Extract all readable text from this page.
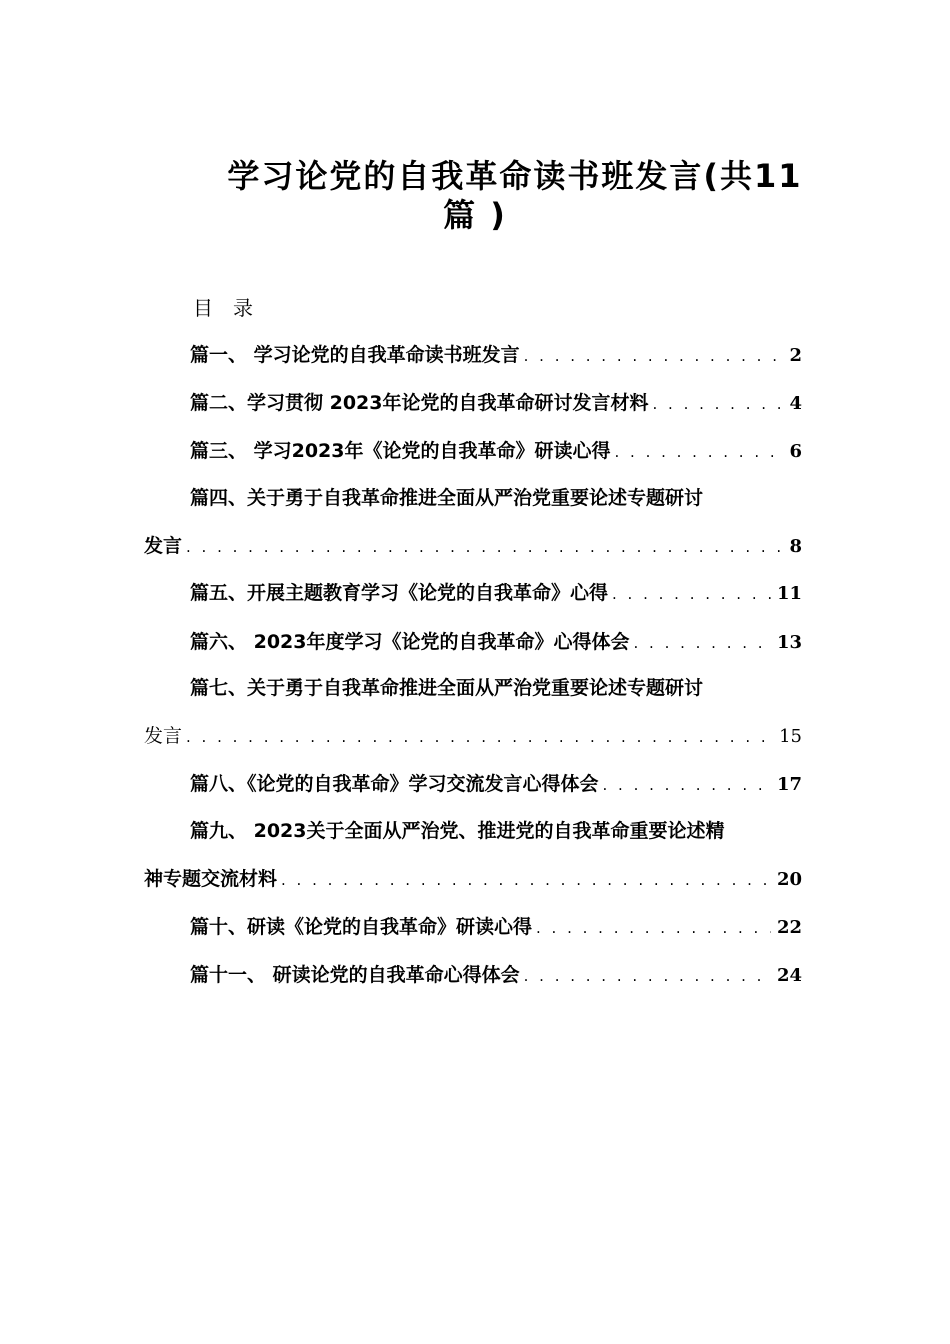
学习论党的自我革命读书班发言(共11
篇 )

目　录

篇一、 学习论党的自我革命读书班发言 . . .	2
篇二、学习贯彻 2023年论党的自我革命研讨发言材料 . . .	4
篇三、 学习2023年《论党的自我革命》研读心得 . . .	6
篇四、关于勇于自我革命推进全面从严治党重要论述专题研讨
发言 . . .	8
篇五、开展主题教育学习《论党的自我革命》心得 . . .	11
篇六、 2023年度学习《论党的自我革命》心得体会 . . .	13
篇七、关于勇于自我革命推进全面从严治党重要论述专题研讨
发言 . . .	15
篇八、《论党的自我革命》学习交流发言心得体会 . . .	17
篇九、 2023关于全面从严治党、推进党的自我革命重要论述精
神专题交流材料 . . .	20
篇十、研读《论党的自我革命》研读心得 . . .	22
篇十一、 研读论党的自我革命心得体会 . . .	24
